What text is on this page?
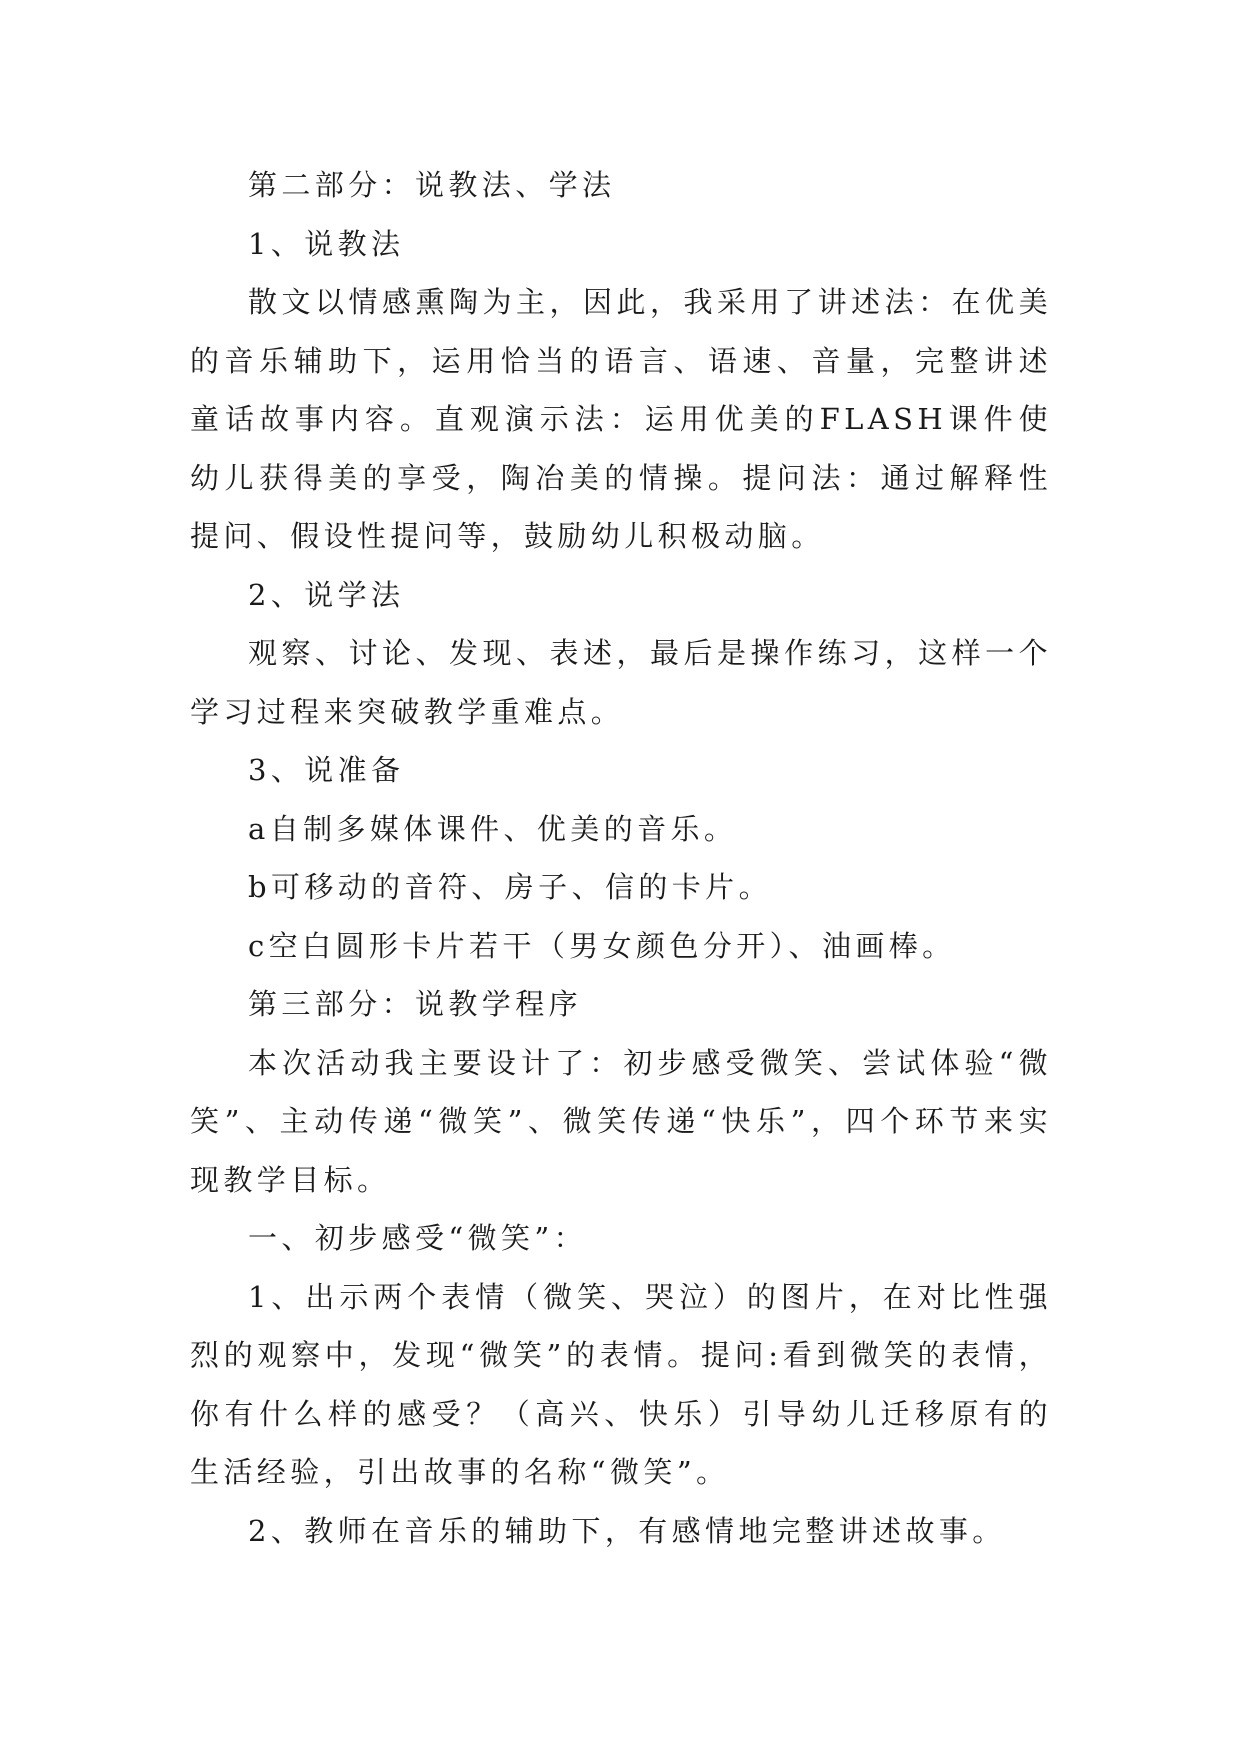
第二部分：说教法、学法

1、说教法

散文以情感熏陶为主，因此，我采用了讲述法：在优美的音乐辅助下，运用恰当的语言、语速、音量，完整讲述童话故事内容。直观演示法：运用优美的FLASH课件使幼儿获得美的享受，陶冶美的情操。提问法：通过解释性提问、假设性提问等，鼓励幼儿积极动脑。

2、说学法

观察、讨论、发现、表述，最后是操作练习，这样一个学习过程来突破教学重难点。

3、说准备

a自制多媒体课件、优美的音乐。

b可移动的音符、房子、信的卡片。

c空白圆形卡片若干（男女颜色分开）、油画棒。

第三部分：说教学程序

本次活动我主要设计了：初步感受微笑、尝试体验“微笑”、主动传递“微笑”、微笑传递“快乐”，四个环节来实现教学目标。

一、初步感受“微笑”：

1、出示两个表情（微笑、哭泣）的图片，在对比性强烈的观察中，发现“微笑”的表情。提问:看到微笑的表情，你有什么样的感受？（高兴、快乐）引导幼儿迁移原有的生活经验，引出故事的名称“微笑”。

2、教师在音乐的辅助下，有感情地完整讲述故事。
